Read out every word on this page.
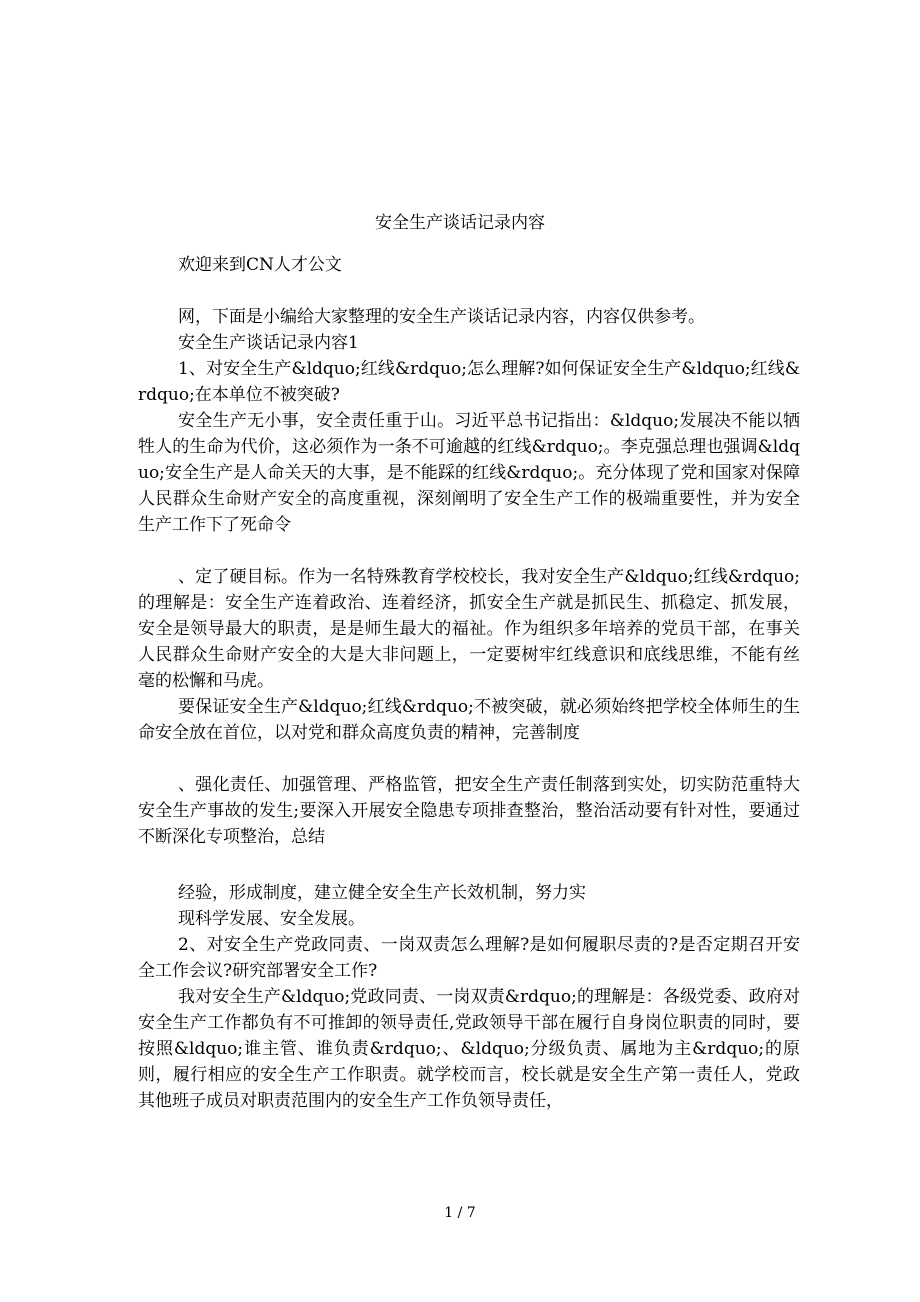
安全生产谈话记录内容

欢迎来到CN人才公文

网，下面是小编给大家整理的安全生产谈话记录内容，内容仅供参考。

安全生产谈话记录内容1

1、对安全生产&ldquo;红线&rdquo;怎么理解?如何保证安全生产&ldquo;红线&rdquo;在本单位不被突破?

安全生产无小事，安全责任重于山。习近平总书记指出：&ldquo;发展决不能以牺牲人的生命为代价，这必须作为一条不可逾越的红线&rdquo;。李克强总理也强调&ldquo;安全生产是人命关天的大事，是不能踩的红线&rdquo;。充分体现了党和国家对保障人民群众生命财产安全的高度重视，深刻阐明了安全生产工作的极端重要性，并为安全生产工作下了死命令

、定了硬目标。作为一名特殊教育学校校长，我对安全生产&ldquo;红线&rdquo;的理解是：安全生产连着政治、连着经济，抓安全生产就是抓民生、抓稳定、抓发展，安全是领导最大的职责，是是师生最大的福祉。作为组织多年培养的党员干部，在事关人民群众生命财产安全的大是大非问题上，一定要树牢红线意识和底线思维，不能有丝毫的松懈和马虎。

要保证安全生产&ldquo;红线&rdquo;不被突破，就必须始终把学校全体师生的生命安全放在首位，以对党和群众高度负责的精神，完善制度

、强化责任、加强管理、严格监管，把安全生产责任制落到实处，切实防范重特大安全生产事故的发生;要深入开展安全隐患专项排查整治，整治活动要有针对性，要通过不断深化专项整治，总结

经验，形成制度，建立健全安全生产长效机制，努力实

现科学发展、安全发展。

2、对安全生产党政同责、一岗双责怎么理解?是如何履职尽责的?是否定期召开安全工作会议?研究部署安全工作?

我对安全生产&ldquo;党政同责、一岗双责&rdquo;的理解是：各级党委、政府对安全生产工作都负有不可推卸的领导责任,党政领导干部在履行自身岗位职责的同时，要按照&ldquo;谁主管、谁负责&rdquo;、&ldquo;分级负责、属地为主&rdquo;的原则，履行相应的安全生产工作职责。就学校而言，校长就是安全生产第一责任人，党政其他班子成员对职责范围内的安全生产工作负领导责任，

1 / 7
